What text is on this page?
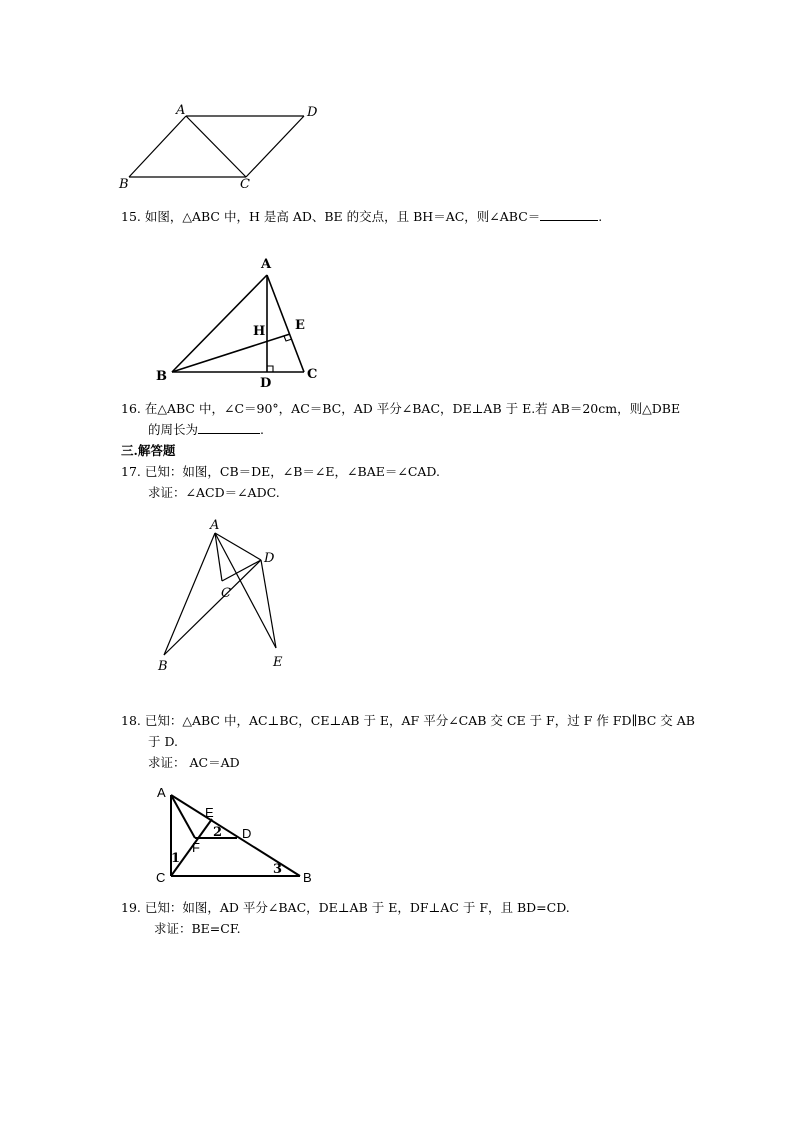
A	D
B	C
15. 如图，△ABC 中，H 是高 AD、BE 的交点，且 BH＝AC，则∠ABC＝	.
A
E
H
B	C
D
16. 在△ABC 中，∠C＝90°，AC＝BC，AD 平分∠BAC，DE⊥AB 于 E.若 AB＝20cm，则△DBE
的周长为	.
三.解答题
17. 已知：如图，CB＝DE，∠B＝∠E，∠BAE＝∠CAD.
求证：∠ACD＝∠ADC.
A
D
C
B	E
18. 已知：△ABC 中，AC⊥BC，CE⊥AB 于 E，AF 平分∠CAB 交 CE 于 F，过 F 作 FD∥BC 交 AB
于 D.
求证： AC＝AD
A
E
D
F
C	B
1
2
3
19. 已知：如图，AD 平分∠BAC，DE⊥AB 于 E，DF⊥AC 于 F，且 BD=CD.
求证：BE=CF.
